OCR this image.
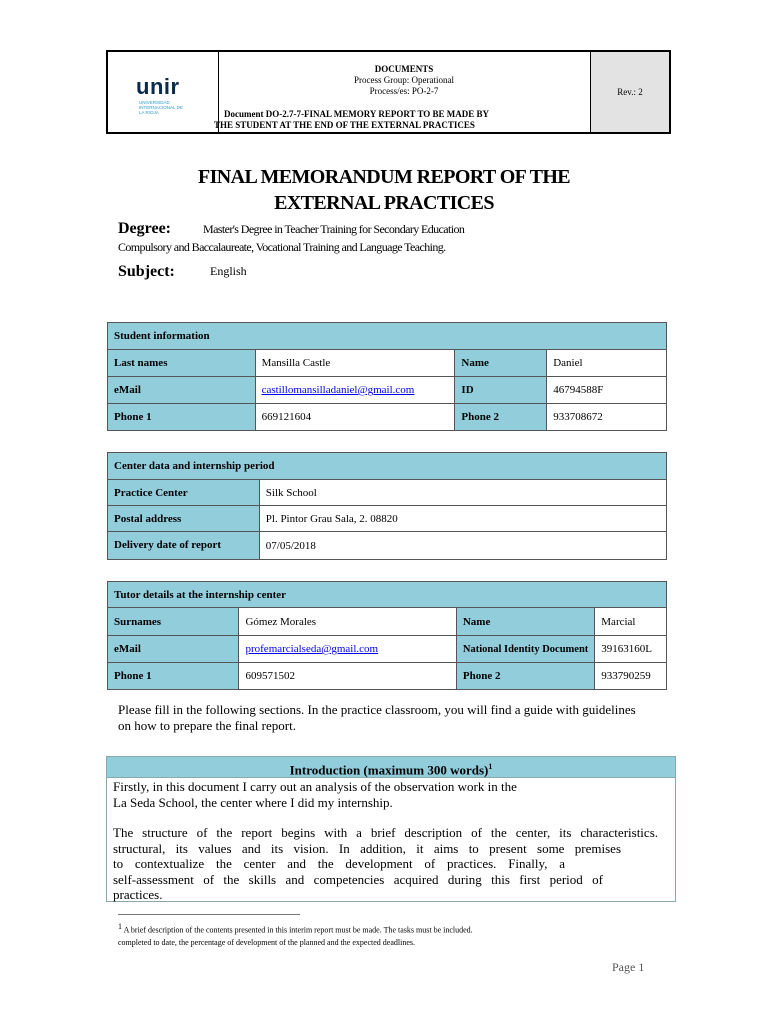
unir
UNIVERSIDAD INTERNACIONAL DE LA RIOJA
DOCUMENTS
Process Group: Operational
Process/es: PO-2-7
Document DO-2.7-7-FINAL MEMORY REPORT TO BE MADE BY
THE STUDENT AT THE END OF THE EXTERNAL PRACTICES
Rev.: 2
FINAL MEMORANDUM REPORT OF THE
EXTERNAL PRACTICES
Degree:	Master's Degree in Teacher Training for Secondary Education
Compulsory and Baccalaureate, Vocational Training and Language Teaching.
Subject:	English
Student information			
Last names	Mansilla Castle	Name	Daniel
eMail	castillomansilladaniel@gmail.com	ID	46794588F
Phone 1	669121604	Phone 2	933708672
Center data and internship period	
Practice Center	Silk School
Postal address	Pl. Pintor Grau Sala, 2. 08820
Delivery date of report	07/05/2018
Tutor details at the internship center			
Surnames	Gómez Morales	Name	Marcial
eMail	profemarcialseda@gmail.com	National Identity Document	39163160L
Phone 1	609571502	Phone 2	933790259
Please fill in the following sections. In the practice classroom, you will find a guide with guidelines on how to prepare the final report.
Introduction (maximum 300 words)$^1$

Firstly, in this document I carry out an analysis of the observation work in the

La Seda School, the center where I did my internship.

The structure of the report begins with a brief description of the center, its characteristics.

structural, its values and its vision. In addition, it aims to present some premises

to contextualize the center and the development of practices. Finally, a

self-assessment of the skills and competencies acquired during this first period of

practices.

$^1$ A brief description of the contents presented in this interim report must be made. The tasks must be included.
completed to date, the percentage of development of the planned and the expected deadlines.
Page 1
